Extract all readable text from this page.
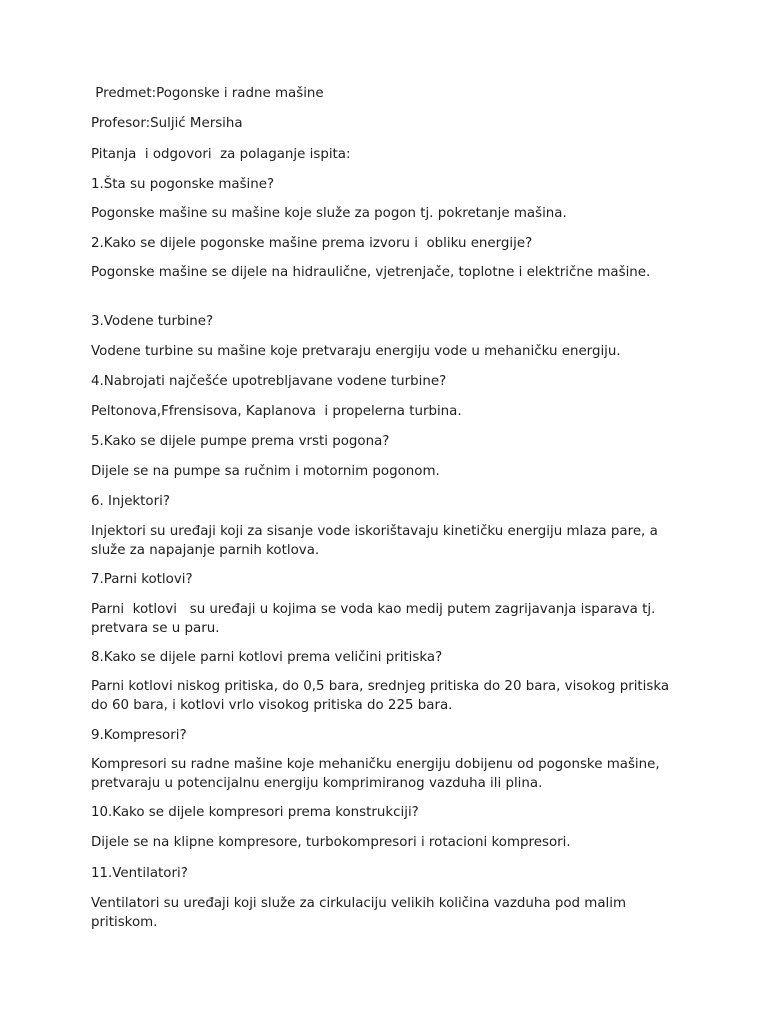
Predmet:Pogonske i radne mašine

Profesor:Suljić Mersiha

Pitanja  i odgovori  za polaganje ispita:

1.Šta su pogonske mašine?

Pogonske mašine su mašine koje služe za pogon tj. pokretanje mašina.

2.Kako se dijele pogonske mašine prema izvoru i  obliku energije?

Pogonske mašine se dijele na hidraulične, vjetrenjače, toplotne i električne mašine.

3.Vodene turbine?

Vodene turbine su mašine koje pretvaraju energiju vode u mehaničku energiju.

4.Nabrojati najčešće upotrebljavane vodene turbine?

Peltonova,Ffrensisova, Kaplanova  i propelerna turbina.

5.Kako se dijele pumpe prema vrsti pogona?

Dijele se na pumpe sa ručnim i motornim pogonom.

6. Injektori?

Injektori su uređaji koji za sisanje vode iskorištavaju kinetičku energiju mlaza pare, a služe za napajanje parnih kotlova.

7.Parni kotlovi?

Parni  kotlovi   su uređaji u kojima se voda kao medij putem zagrijavanja isparava tj. pretvara se u paru.

8.Kako se dijele parni kotlovi prema veličini pritiska?

Parni kotlovi niskog pritiska, do 0,5 bara, srednjeg pritiska do 20 bara, visokog pritiska do 60 bara, i kotlovi vrlo visokog pritiska do 225 bara.

9.Kompresori?

Kompresori su radne mašine koje mehaničku energiju dobijenu od pogonske mašine, pretvaraju u potencijalnu energiju komprimiranog vazduha ili plina.

10.Kako se dijele kompresori prema konstrukciji?

Dijele se na klipne kompresore, turbokompresori i rotacioni kompresori.

11.Ventilatori?

Ventilatori su uređaji koji služe za cirkulaciju velikih količina vazduha pod malim pritiskom.
